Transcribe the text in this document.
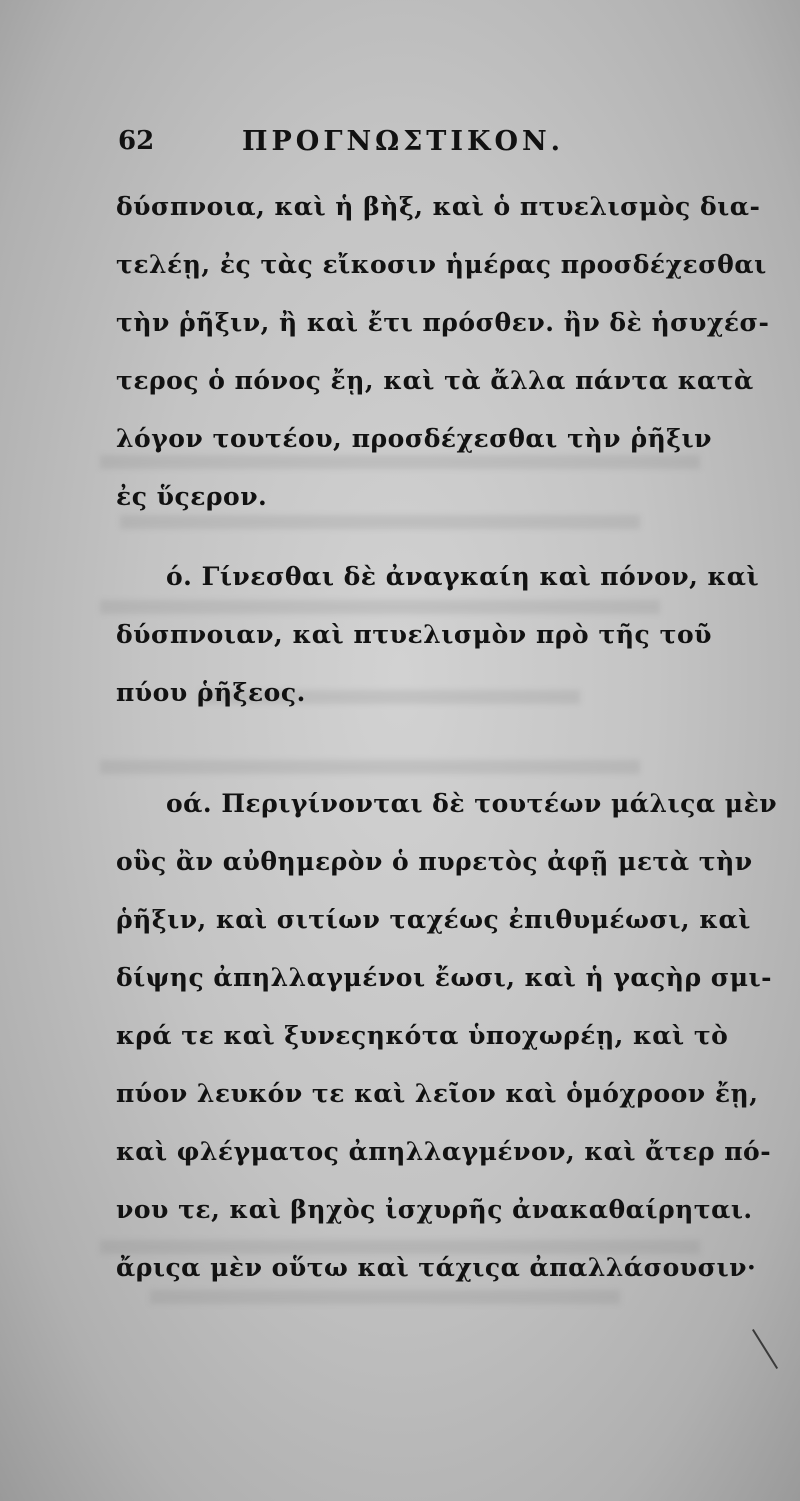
62	ΠΡΟΓΝΩΣΤΙΚΟΝ.
δύσπνοια, καὶ ἡ βὴξ, καὶ ὁ πτυελισμὸς δια-
τελέῃ, ἐς τὰς εἴκοσιν ἡμέρας προσδέχεσθαι
τὴν ῥῆξιν, ἢ καὶ ἔτι πρόσθεν. ἢν δὲ ἡσυχέσ-
τερος ὁ πόνος ἔῃ, καὶ τὰ ἄλλα πάντα κατὰ
λόγον τουτέου, προσδέχεσθαι τὴν ῥῆξιν
ἐς ὕςερον.
ό. Γίνεσθαι δὲ ἀναγκαίη καὶ πόνον, καὶ
δύσπνοιαν, καὶ πτυελισμὸν πρὸ τῆς τοῦ
πύου ῥῆξεος.
οά. Περιγίνονται δὲ τουτέων μάλιςα μὲν
οὓς ἂν αὐθημερὸν ὁ πυρετὸς ἀφῇ μετὰ τὴν
ῥῆξιν, καὶ σιτίων ταχέως ἐπιθυμέωσι, καὶ
δίψης ἀπηλλαγμένοι ἔωσι, καὶ ἡ γαςὴρ σμι-
κρά τε καὶ ξυνεςηκότα ὑποχωρέῃ, καὶ τὸ
πύον λευκόν τε καὶ λεῖον καὶ ὁμόχροον ἔῃ,
καὶ φλέγματος ἀπηλλαγμένον, καὶ ἄτερ πό-
νου τε, καὶ βηχὸς ἰσχυρῆς ἀνακαθαίρηται.
ἄριςα μὲν οὕτω καὶ τάχιςα ἀπαλλάσουσιν·
